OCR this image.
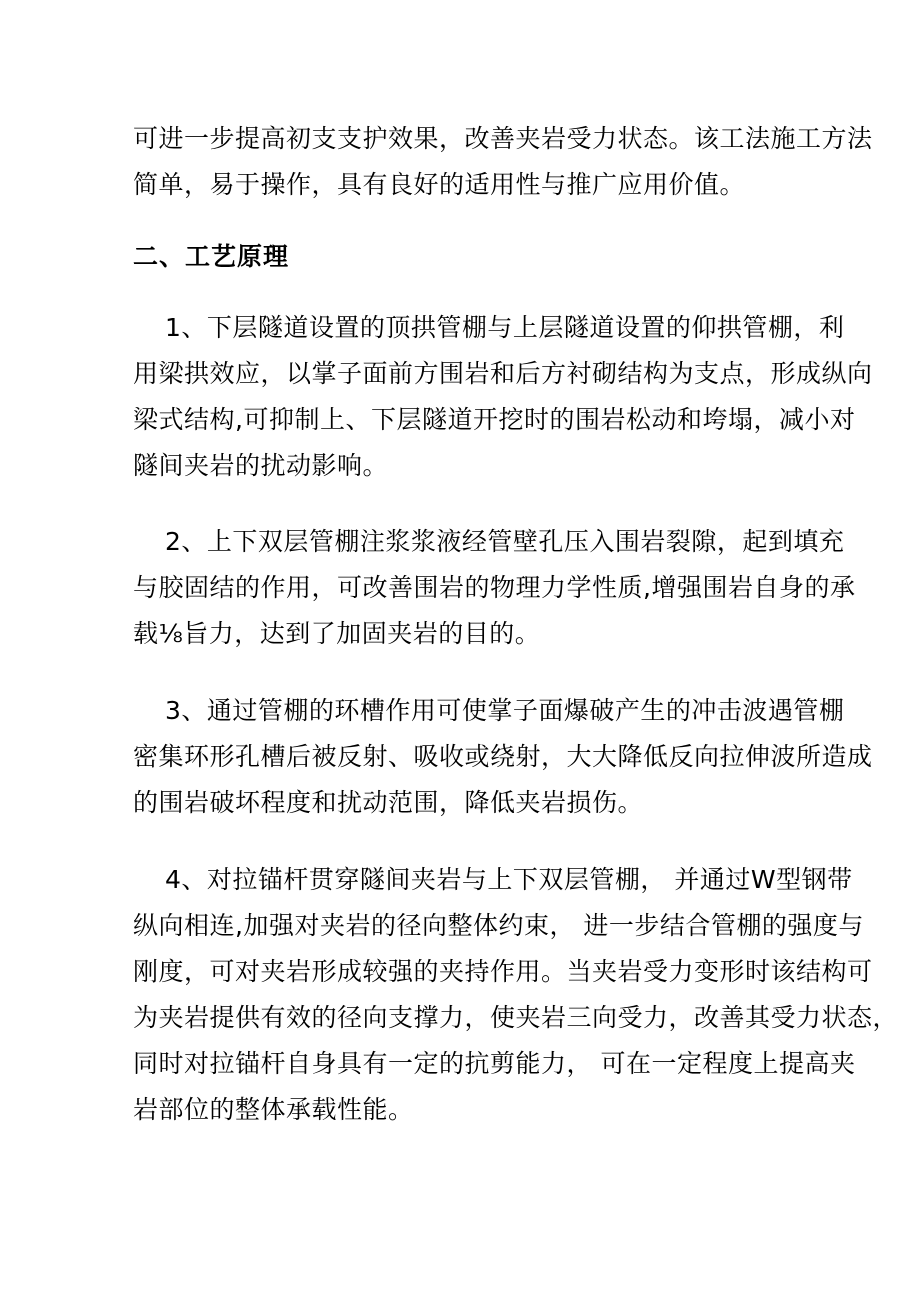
可进一步提高初支支护效果，改善夹岩受力状态。该工法施工方法
简单，易于操作，具有良好的适用性与推广应用价值。
二、工艺原理
1、下层隧道设置的顶拱管棚与上层隧道设置的仰拱管棚，利
用梁拱效应，以掌子面前方围岩和后方衬砌结构为支点，形成纵向
梁式结构,可抑制上、下层隧道开挖时的围岩松动和垮塌，减小对
隧间夹岩的扰动影响。
2、上下双层管棚注浆浆液经管壁孔压入围岩裂隙，起到填充
与胶固结的作用，可改善围岩的物理力学性质,增强围岩自身的承
载⅛旨力，达到了加固夹岩的目的。
3、通过管棚的环槽作用可使掌子面爆破产生的冲击波遇管棚
密集环形孔槽后被反射、吸收或绕射，大大降低反向拉伸波所造成
的围岩破坏程度和扰动范围，降低夹岩损伤。
4、对拉锚杆贯穿隧间夹岩与上下双层管棚， 并通过W型钢带
纵向相连,加强对夹岩的径向整体约束， 进一步结合管棚的强度与
刚度，可对夹岩形成较强的夹持作用。当夹岩受力变形时该结构可
为夹岩提供有效的径向支撑力，使夹岩三向受力，改善其受力状态，
同时对拉锚杆自身具有一定的抗剪能力， 可在一定程度上提高夹
岩部位的整体承载性能。
